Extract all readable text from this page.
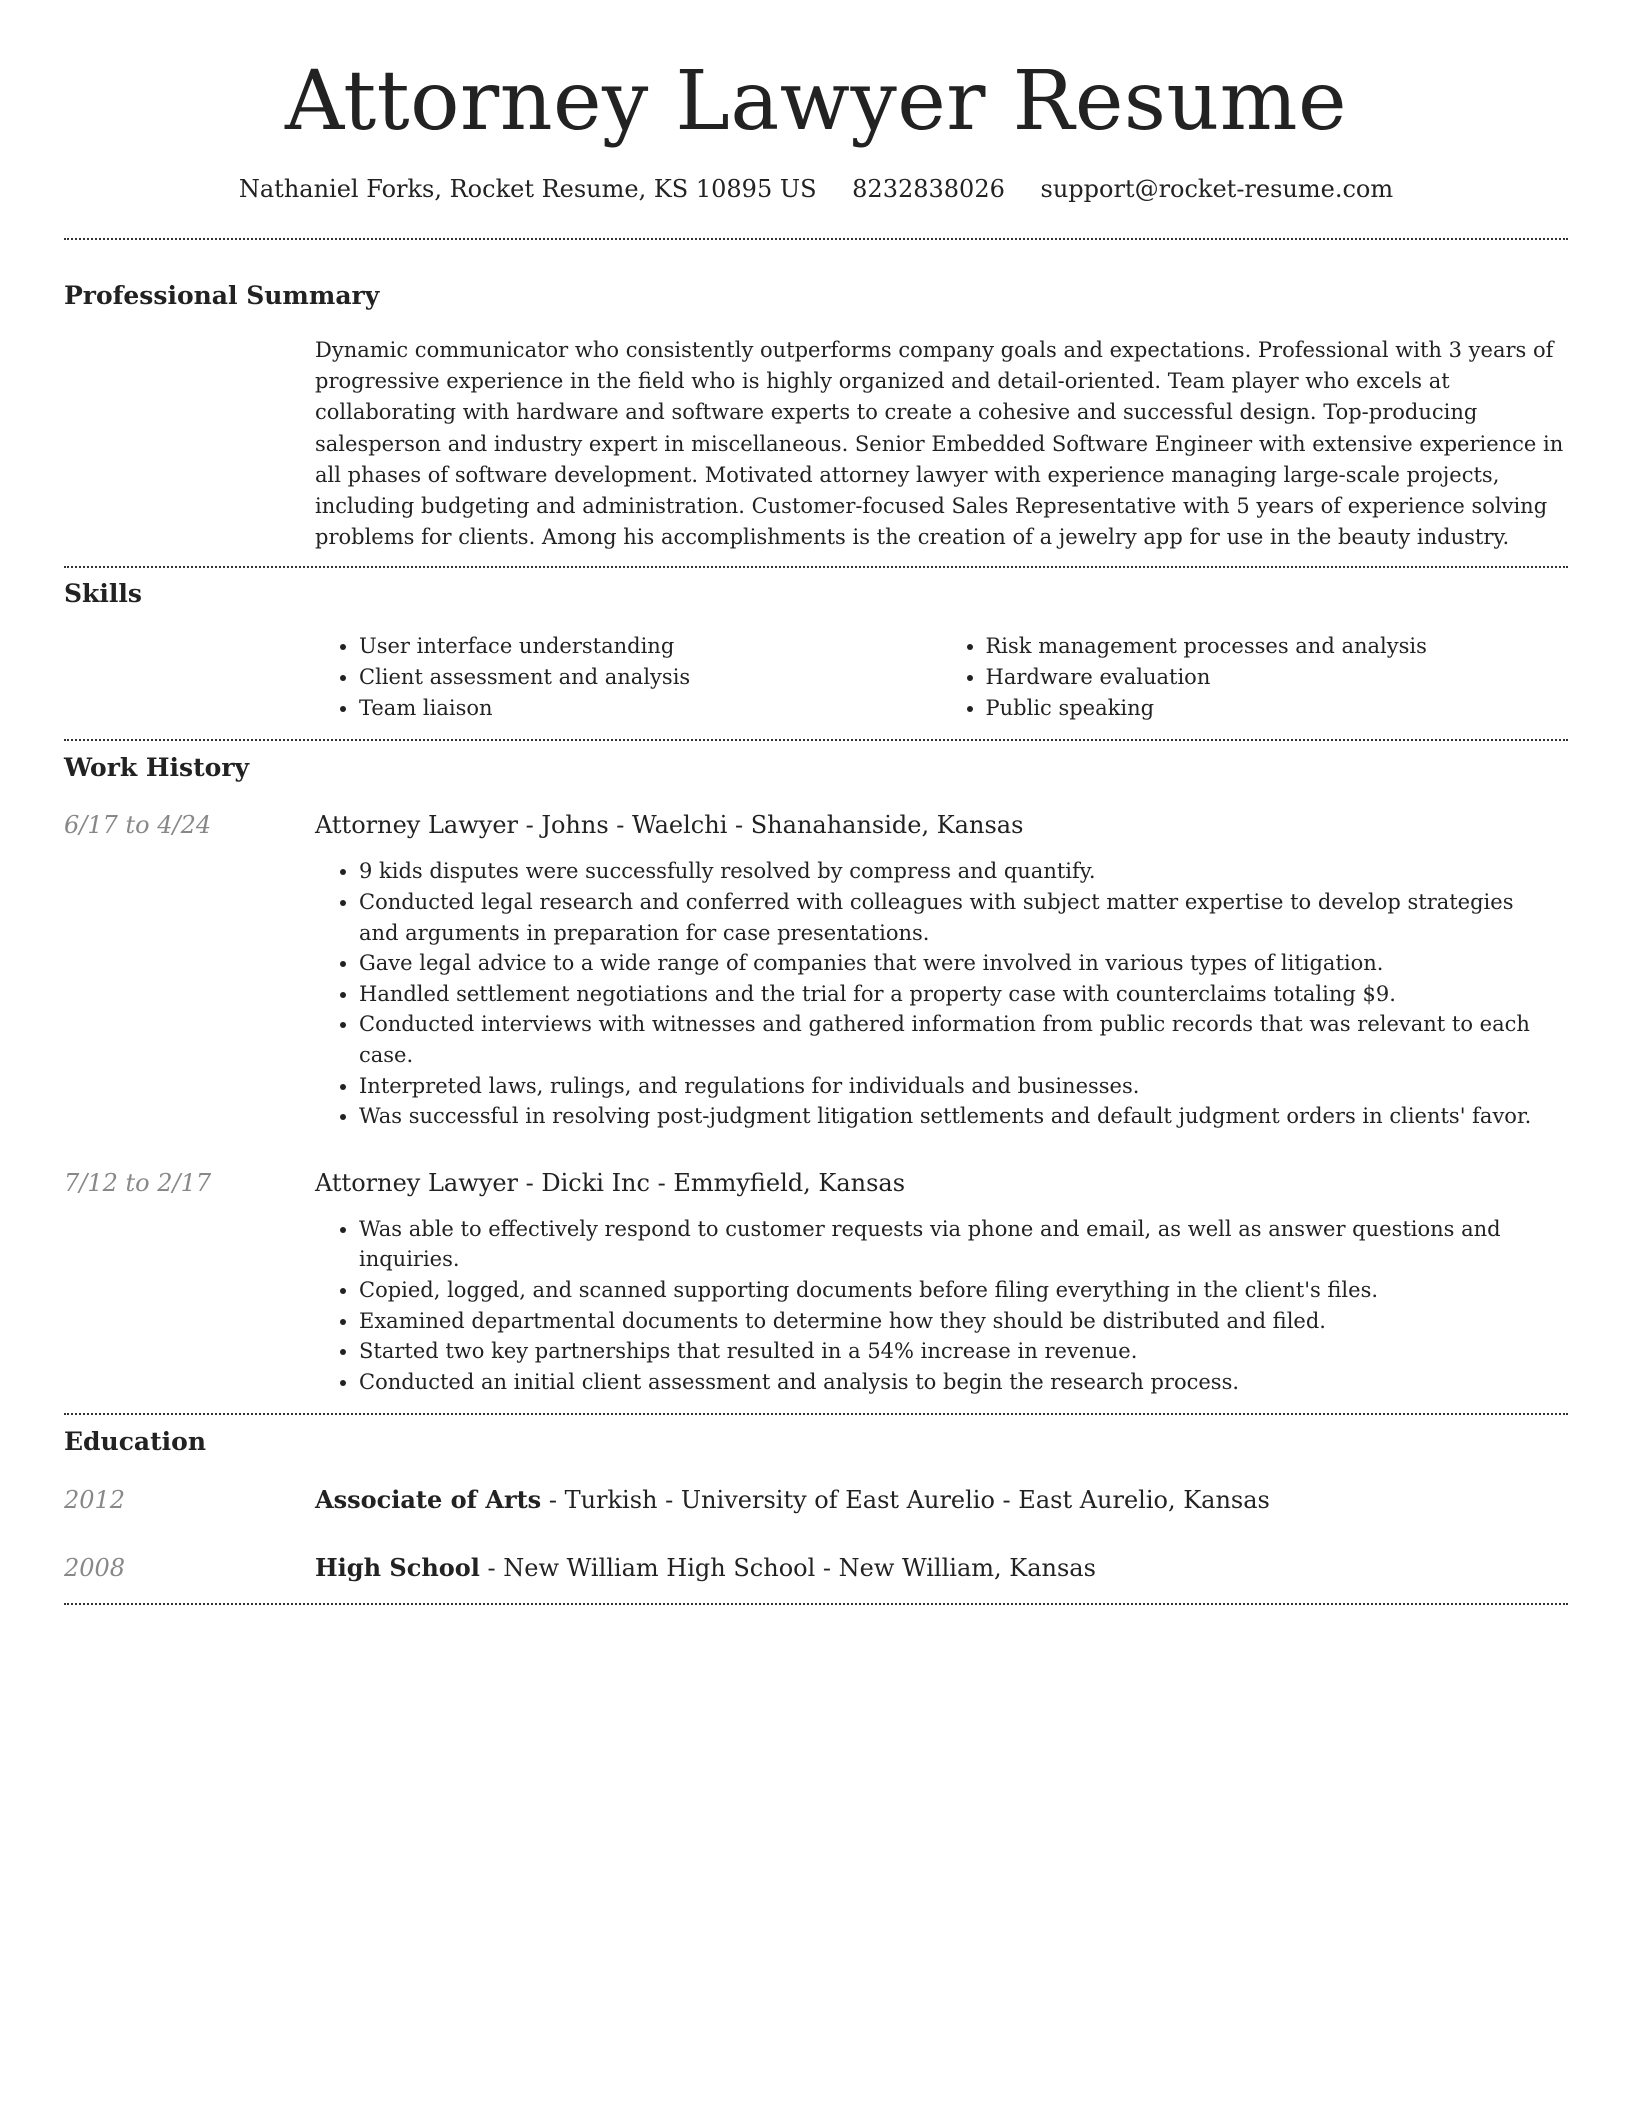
Attorney Lawyer Resume
Nathaniel Forks, Rocket Resume, KS 10895 US 8232838026 support@rocket-resume.com
Professional Summary

Dynamic communicator who consistently outperforms company goals and expectations. Professional with 3 years of progressive experience in the field who is highly organized and detail-oriented. Team player who excels at collaborating with hardware and software experts to create a cohesive and successful design. Top-producing salesperson and industry expert in miscellaneous. Senior Embedded Software Engineer with extensive experience in all phases of software development. Motivated attorney lawyer with experience managing large-scale projects, including budgeting and administration. Customer-focused Sales Representative with 5 years of experience solving problems for clients. Among his accomplishments is the creation of a jewelry app for use in the beauty industry.

Skills
• User interface understanding
• Client assessment and analysis
• Team liaison
• Risk management processes and analysis
• Hardware evaluation
• Public speaking
Work History
6/17 to 4/24	Attorney Lawyer - Johns - Waelchi - Shanahanside, Kansas
• 9 kids disputes were successfully resolved by compress and quantify.
• Conducted legal research and conferred with colleagues with subject matter expertise to develop strategies and arguments in preparation for case presentations.
• Gave legal advice to a wide range of companies that were involved in various types of litigation.
• Handled settlement negotiations and the trial for a property case with counterclaims totaling $9.
• Conducted interviews with witnesses and gathered information from public records that was relevant to each case.
• Interpreted laws, rulings, and regulations for individuals and businesses.
• Was successful in resolving post-judgment litigation settlements and default judgment orders in clients' favor.
7/12 to 2/17	Attorney Lawyer - Dicki Inc - Emmyfield, Kansas
• Was able to effectively respond to customer requests via phone and email, as well as answer questions and inquiries.
• Copied, logged, and scanned supporting documents before filing everything in the client's files.
• Examined departmental documents to determine how they should be distributed and filed.
• Started two key partnerships that resulted in a 54% increase in revenue.
• Conducted an initial client assessment and analysis to begin the research process.
Education
2012	Associate of Arts - Turkish - University of East Aurelio - East Aurelio, Kansas
2008	High School - New William High School - New William, Kansas
